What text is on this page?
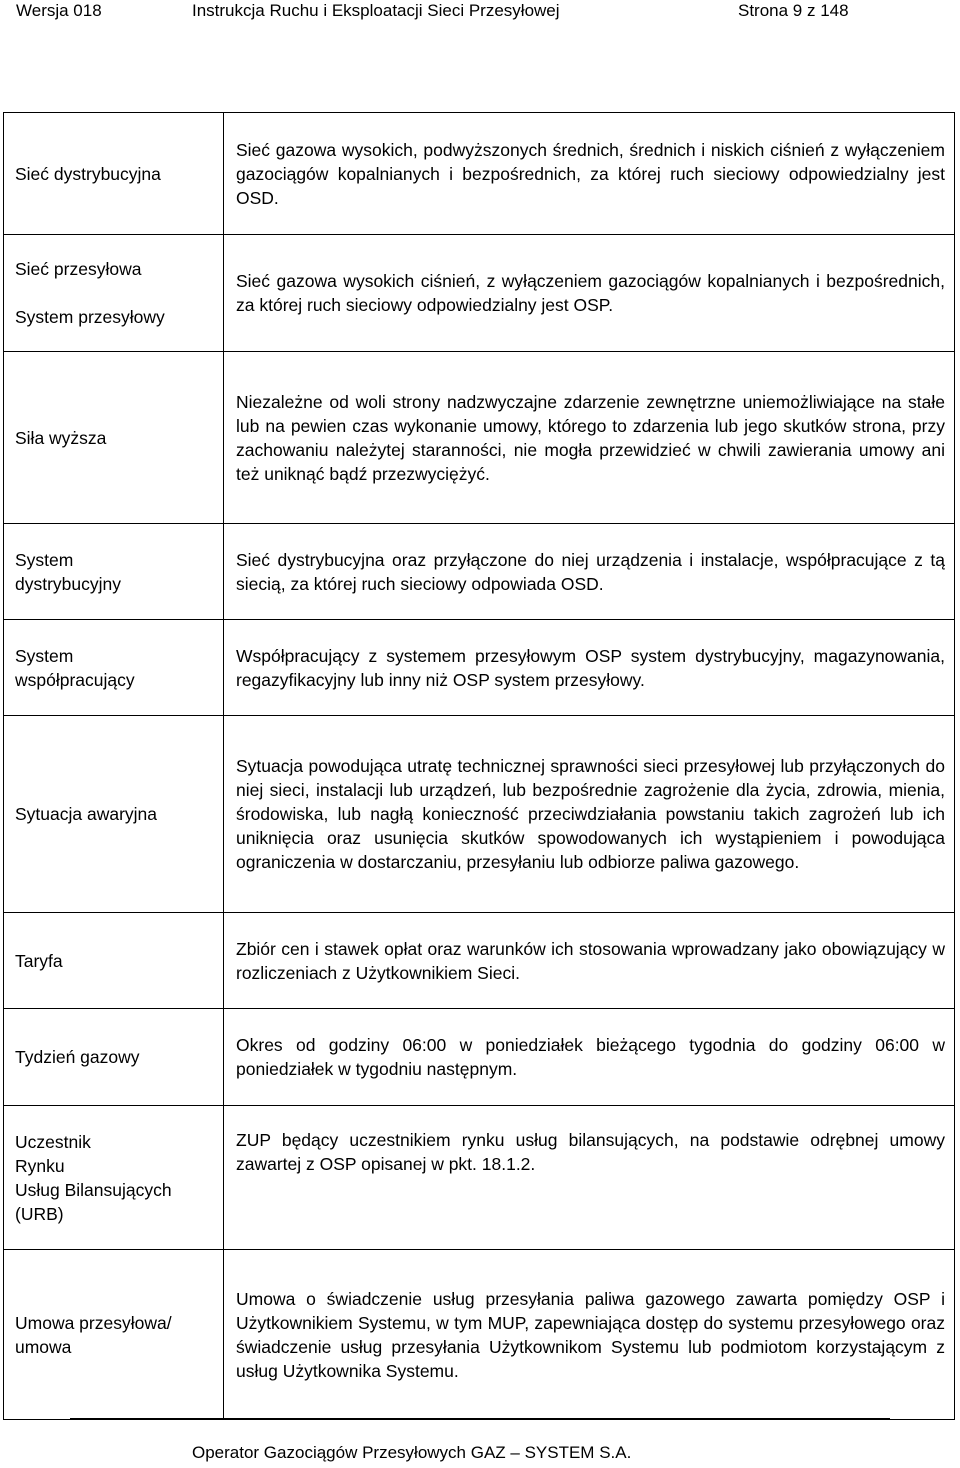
Wersja 018	Instrukcja Ruchu i Eksploatacji Sieci Przesyłowej	Strona 9 z 148
Sieć dystrybucyjna	Sieć gazowa wysokich, podwyższonych średnich, średnich i niskich ciśnień z wyłączeniem gazociągów kopalnianych i bezpośrednich, za której ruch sieciowy odpowiedzialny jest OSD.

Sieć przesyłowa

System przesyłowy	Sieć gazowa wysokich ciśnień, z wyłączeniem gazociągów kopalnianych i bezpośrednich, za której ruch sieciowy odpowiedzialny jest OSP.

Siła wyższa	Niezależne od woli strony nadzwyczajne zdarzenie zewnętrzne uniemożliwiające na stałe lub na pewien czas wykonanie umowy, którego to zdarzenia lub jego skutków strona, przy zachowaniu należytej staranności, nie mogła przewidzieć w chwili zawierania umowy ani też uniknąć bądź przezwyciężyć.

System
dystrybucyjny	Sieć dystrybucyjna oraz przyłączone do niej urządzenia i instalacje, współpracujące z tą siecią, za której ruch sieciowy odpowiada OSD.

System
współpracujący	Współpracujący z systemem przesyłowym OSP system dystrybucyjny, magazynowania, regazyfikacyjny lub inny niż OSP system przesyłowy.

Sytuacja awaryjna	Sytuacja powodująca utratę technicznej sprawności sieci przesyłowej lub przyłączonych do niej sieci, instalacji lub urządzeń, lub bezpośrednie zagrożenie dla życia, zdrowia, mienia, środowiska, lub nagłą konieczność przeciwdziałania powstaniu takich zagrożeń lub ich uniknięcia oraz usunięcia skutków spowodowanych ich wystąpieniem i powodująca ograniczenia w dostarczaniu, przesyłaniu lub odbiorze paliwa gazowego.

Taryfa	Zbiór cen i stawek opłat oraz warunków ich stosowania wprowadzany jako obowiązujący w rozliczeniach z Użytkownikiem Sieci.

Tydzień gazowy	Okres od godziny 06:00 w poniedziałek bieżącego tygodnia do godziny 06:00 w poniedziałek w tygodniu następnym.

Uczestnik
Rynku
Usług Bilansujących
(URB)	ZUP będący uczestnikiem rynku usług bilansujących, na podstawie odrębnej umowy zawartej z OSP opisanej w pkt. 18.1.2.

Umowa przesyłowa/
umowa	Umowa o świadczenie usług przesyłania paliwa gazowego zawarta pomiędzy OSP i Użytkownikiem Systemu, w tym MUP, zapewniająca dostęp do systemu przesyłowego oraz świadczenie usług przesyłania Użytkownikom Systemu lub podmiotom korzystającym z usług Użytkownika Systemu.
Operator Gazociągów Przesyłowych GAZ – SYSTEM S.A.
